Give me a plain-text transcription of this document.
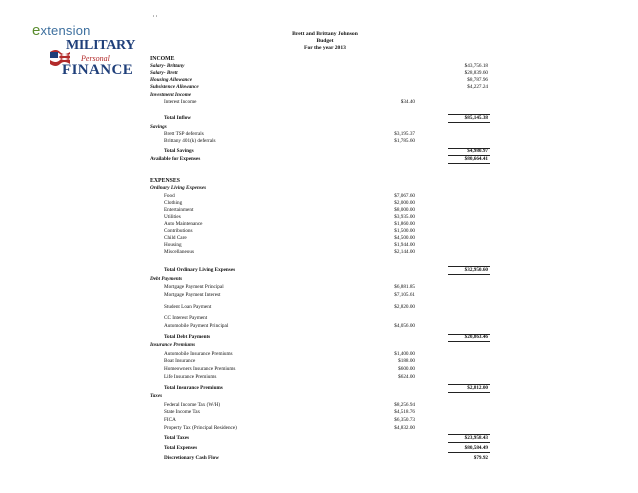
extension
MILITARY
Personal
FINANCE
˙˙
Brett and Brittany Johnson
Budget
For the year 2013
INCOME
Salary- Brittany	$43,756.18
Salary- Brett	$28,839.60
Housing Allowance	$8,787.96
Subsistence Allowance	$4,227.24
Investment Income
Interest Income	$34.40
Total Inflow	$85,145.38
Savings
Brett TSP deferrals	$3,195.37
Brittany 401(k) deferrals	$1,785.60
Total Savings	$4,980.97
Available for Expenses	$80,664.41
EXPENSES
Ordinary Living Expenses
Food	$7,067.60
Clothing	$2,000.00
Entertainment	$8,000.00
Utilities	$3,935.00
Auto Maintenance	$1,860.00
Contributions	$1,500.00
Child Care	$4,500.00
Housing	$1,944.00
Miscellaneous	$2,144.00
Total Ordinary Living Expenses	$32,950.60
Debt Payments
Mortgage Payment Principal	$6,881.85
Mortgage Payment Interest	$7,105.61
Student Loan Payment	$2,820.00
CC Interest Payment
Automobile Payment Principal	$4,056.00
Total Debt Payments	$20,863.46
Insurance Premiums
Automobile Insurance Premiums	$1,400.00
Boat Insurance	$188.00
Homeowners Insurance Premiums	$600.00
Life Insurance Premiums	$624.00
Total Insurance Premiums	$2,812.00
Taxes
Federal Income Tax (W/H)	$8,256.94
State Income Tax	$4,518.76
FICA	$6,350.73
Property Tax (Principal Residence)	$4,832.00
Total Taxes	$23,958.43
Total Expenses	$80,584.49
Discretionary Cash Flow	$79.92
